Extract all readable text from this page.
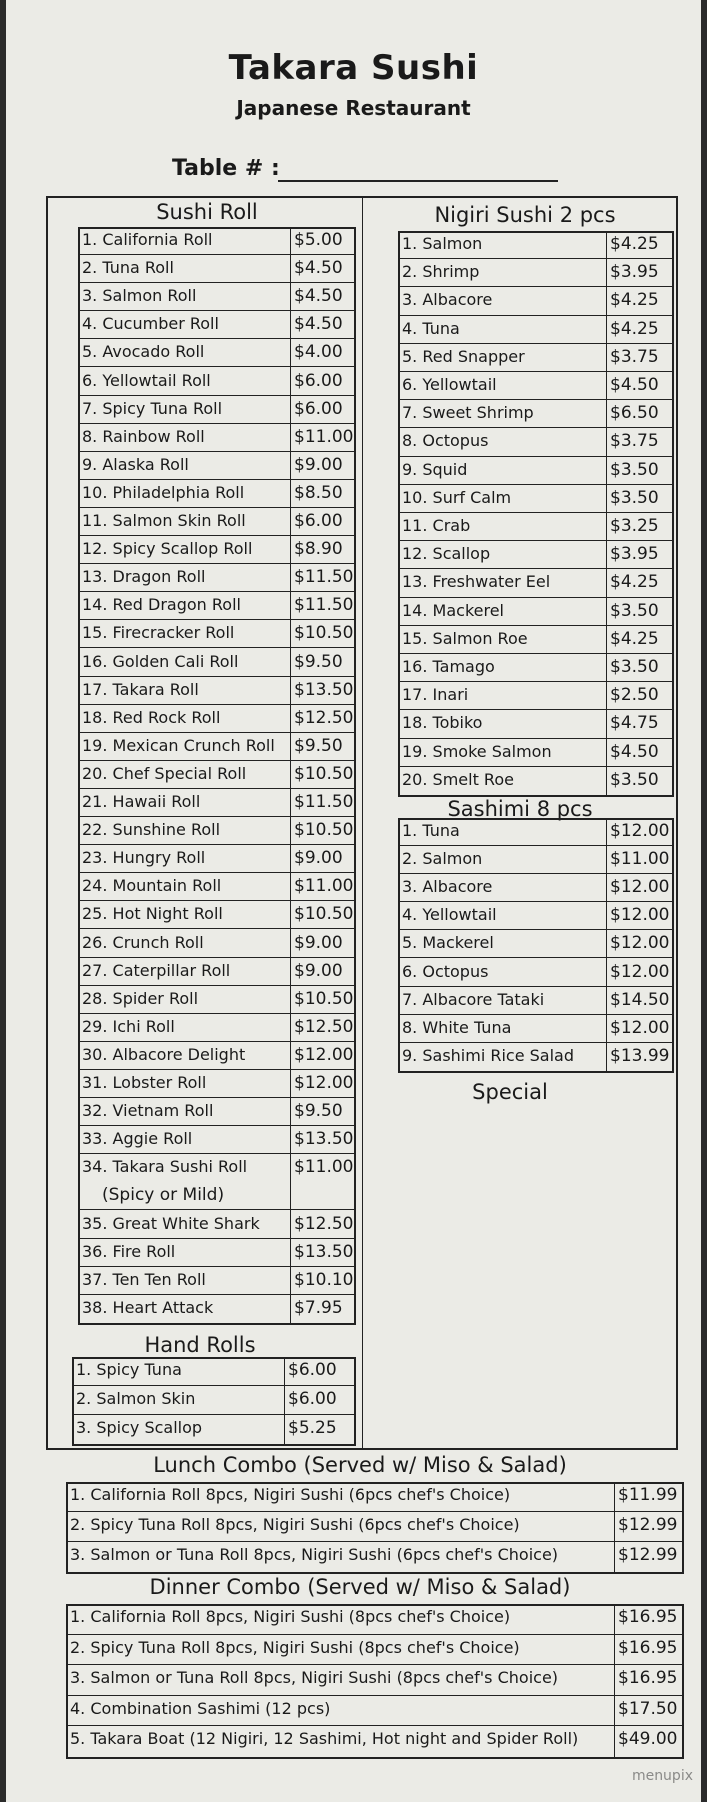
Takara Sushi
Japanese Restaurant
Table # :
Sushi Roll	Nigiri Sushi 2 pcs
Sashimi 8 pcs
Special
Hand Rolls
Lunch Combo (Served w/ Miso & Salad)
Dinner Combo (Served w/ Miso & Salad)
1. California Roll	$5.00
2. Tuna Roll	$4.50
3. Salmon Roll	$4.50
4. Cucumber Roll	$4.50
5. Avocado Roll	$4.00
6. Yellowtail Roll	$6.00
7. Spicy Tuna Roll	$6.00
8. Rainbow Roll	$11.00
9. Alaska Roll	$9.00
10. Philadelphia Roll	$8.50
11. Salmon Skin Roll	$6.00
12. Spicy Scallop Roll $8.90
13. Dragon Roll	$11.50
14. Red Dragon Roll	$11.50
15. Firecracker Roll	$10.50
16. Golden Cali Roll	$9.50
17. Takara Roll	$13.50
18. Red Rock Roll	$12.50
19. Mexican Crunch Roll $9.50
20. Chef Special Roll	$10.50
21. Hawaii Roll	$11.50
22. Sunshine Roll	$10.50
23. Hungry Roll	$9.00
24. Mountain Roll	$11.00
25. Hot Night Roll	$10.50
26. Crunch Roll	$9.00
27. Caterpillar Roll	$9.00
28. Spider Roll	$10.50
29. Ichi Roll	$12.50
30. Albacore Delight	$12.00
31. Lobster Roll	$12.00
32. Vietnam Roll	$9.50
33. Aggie Roll	$13.50
34. Takara Sushi Roll
(Spicy or Mild)
$11.00
35. Great White Shark $12.50
36. Fire Roll	$13.50
37. Ten Ten Roll	$10.10
38. Heart Attack	$7.95
1. Spicy Tuna	$6.00
2. Salmon Skin	$6.00
3. Spicy Scallop	$5.25
1. Salmon	$4.25
2. Shrimp	$3.95
3. Albacore	$4.25
4. Tuna	$4.25
5. Red Snapper	$3.75
6. Yellowtail	$4.50
7. Sweet Shrimp	$6.50
8. Octopus	$3.75
9. Squid	$3.50
10. Surf Calm	$3.50
11. Crab	$3.25
12. Scallop	$3.95
13. Freshwater Eel	$4.25
14. Mackerel	$3.50
15. Salmon Roe	$4.25
16. Tamago	$3.50
17. Inari	$2.50
18. Tobiko	$4.75
19. Smoke Salmon	$4.50
20. Smelt Roe	$3.50
1. Tuna	$12.00
2. Salmon	$11.00
3. Albacore	$12.00
4. Yellowtail	$12.00
5. Mackerel	$12.00
6. Octopus	$12.00
7. Albacore Tataki	$14.50
8. White Tuna	$12.00
9. Sashimi Rice Salad $13.99
1. California Roll 8pcs, Nigiri Sushi (6pcs chef's Choice)	$11.99
2. Spicy Tuna Roll 8pcs, Nigiri Sushi (6pcs chef's Choice)	$12.99
3. Salmon or Tuna Roll 8pcs, Nigiri Sushi (6pcs chef's Choice)	$12.99
1. California Roll 8pcs, Nigiri Sushi (8pcs chef's Choice)	$16.95
2. Spicy Tuna Roll 8pcs, Nigiri Sushi (8pcs chef's Choice)	$16.95
3. Salmon or Tuna Roll 8pcs, Nigiri Sushi (8pcs chef's Choice)	$16.95
4. Combination Sashimi (12 pcs)	$17.50
5. Takara Boat (12 Nigiri, 12 Sashimi, Hot night and Spider Roll) $49.00
menupix
